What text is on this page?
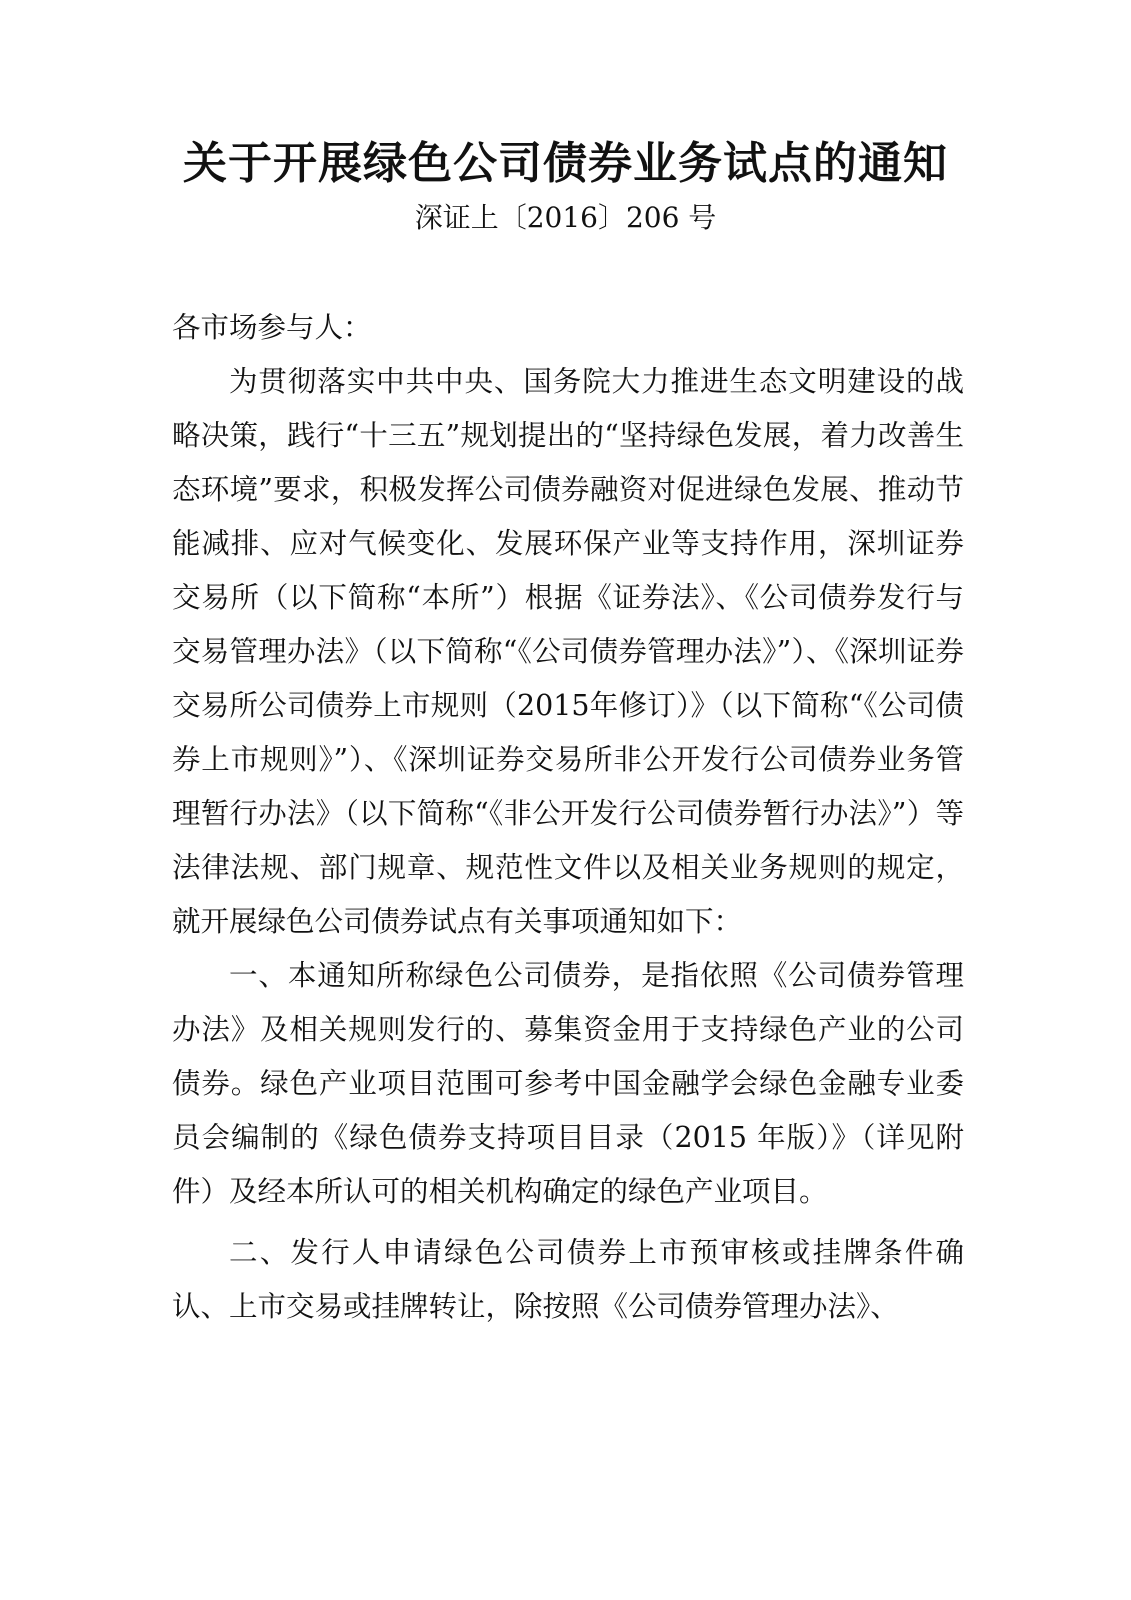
关于开展绿色公司债券业务试点的通知
深证上〔2016〕206 号

各市场参与人：

为贯彻落实中共中央、国务院大力推进生态文明建设的战略决策，践行“十三五”规划提出的“坚持绿色发展，着力改善生态环境”要求，积极发挥公司债券融资对促进绿色发展、推动节能减排、应对气候变化、发展环保产业等支持作用，深圳证券交易所（以下简称“本所”）根据《证券法》、《公司债券发行与交易管理办法》（以下简称“《公司债券管理办法》”）、《深圳证券交易所公司债券上市规则（2015年修订）》（以下简称“《公司债券上市规则》”）、《深圳证券交易所非公开发行公司债券业务管理暂行办法》（以下简称“《非公开发行公司债券暂行办法》”）等法律法规、部门规章、规范性文件以及相关业务规则的规定，就开展绿色公司债券试点有关事项通知如下：

一、本通知所称绿色公司债券，是指依照《公司债券管理办法》及相关规则发行的、募集资金用于支持绿色产业的公司债券。绿色产业项目范围可参考中国金融学会绿色金融专业委员会编制的《绿色债券支持项目目录（2015 年版）》（详见附件）及经本所认可的相关机构确定的绿色产业项目。

二、发行人申请绿色公司债券上市预审核或挂牌条件确认、上市交易或挂牌转让，除按照《公司债券管理办法》、
